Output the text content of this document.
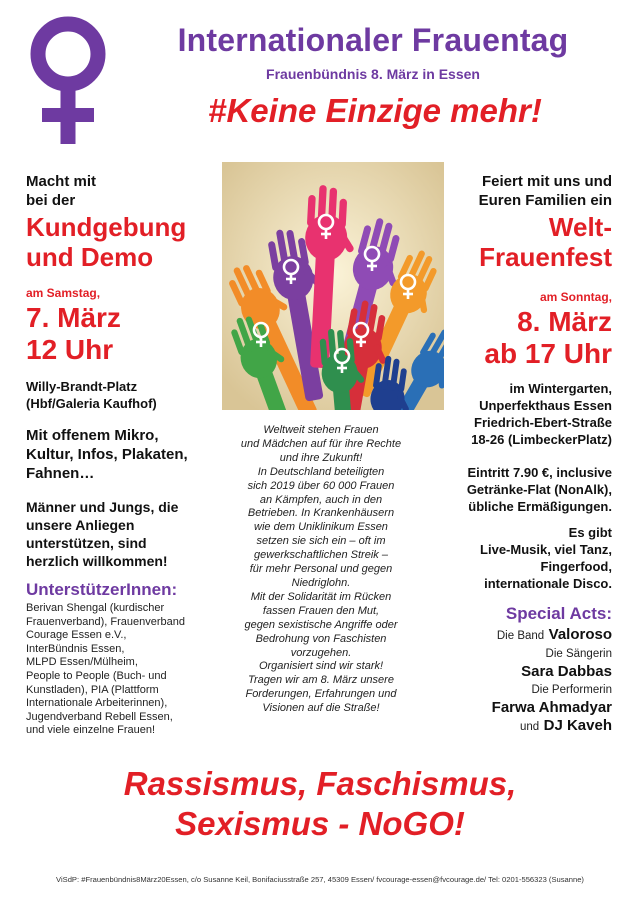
Internationaler Frauentag
Frauenbündnis 8. März in Essen
#Keine Einzige mehr!
Macht mit
bei der
Kundgebung
und Demo
am Samstag,
7. März
12 Uhr
Willy-Brandt-Platz
(Hbf/Galeria Kaufhof)
Mit offenem Mikro,
Kultur, Infos, Plakaten,
Fahnen…
Männer und Jungs, die
unsere Anliegen
unterstützen, sind
herzlich willkommen!
UnterstützerInnen:
Berivan Shengal (kurdischer
Frauenverband), Frauenverband
Courage Essen e.V.,
InterBündnis Essen,
MLPD Essen/Mülheim,
People to People (Buch- und
Kunstladen), PIA (Plattform
Internationale Arbeiterinnen),
Jugendverband Rebell Essen,
und viele einzelne Frauen!
Weltweit stehen Frauen
und Mädchen auf für ihre Rechte
und ihre Zukunft!
In Deutschland beteiligten
sich 2019 über 60 000 Frauen
an Kämpfen, auch in den
Betrieben. In Krankenhäusern
wie dem Uniklinikum Essen
setzen sie sich ein – oft im
gewerkschaftlichen Streik –
für mehr Personal und gegen
Niedriglohn.
Mit der Solidarität im Rücken
fassen Frauen den Mut,
gegen sexistische Angriffe oder
Bedrohung von Faschisten
vorzugehen.
Organisiert sind wir stark!
Tragen wir am 8. März unsere
Forderungen, Erfahrungen und
Visionen auf die Straße!
Feiert mit uns und
Euren Familien ein
Welt-
Frauenfest
am Sonntag,
8. März
ab 17 Uhr
im Wintergarten,
Unperfekthaus Essen
Friedrich-Ebert-Straße
18-26 (LimbeckerPlatz)
Eintritt 7.90 €, inclusive
Getränke-Flat (NonAlk),
übliche Ermäßigungen.
Es gibt
Live-Musik, viel Tanz,
Fingerfood,
internationale Disco.
Special Acts:
Die Band Valoroso
Die Sängerin
Sara Dabbas
Die Performerin
Farwa Ahmadyar
und DJ Kaveh
Rassismus, Faschismus,
Sexismus - NoGO!
ViSdP: #Frauenbündnis8März20Essen, c/o Susanne Keil, Bonifaciusstraße 257, 45309 Essen/ fvcourage-essen@fvcourage.de/ Tel: 0201-556323 (Susanne)
